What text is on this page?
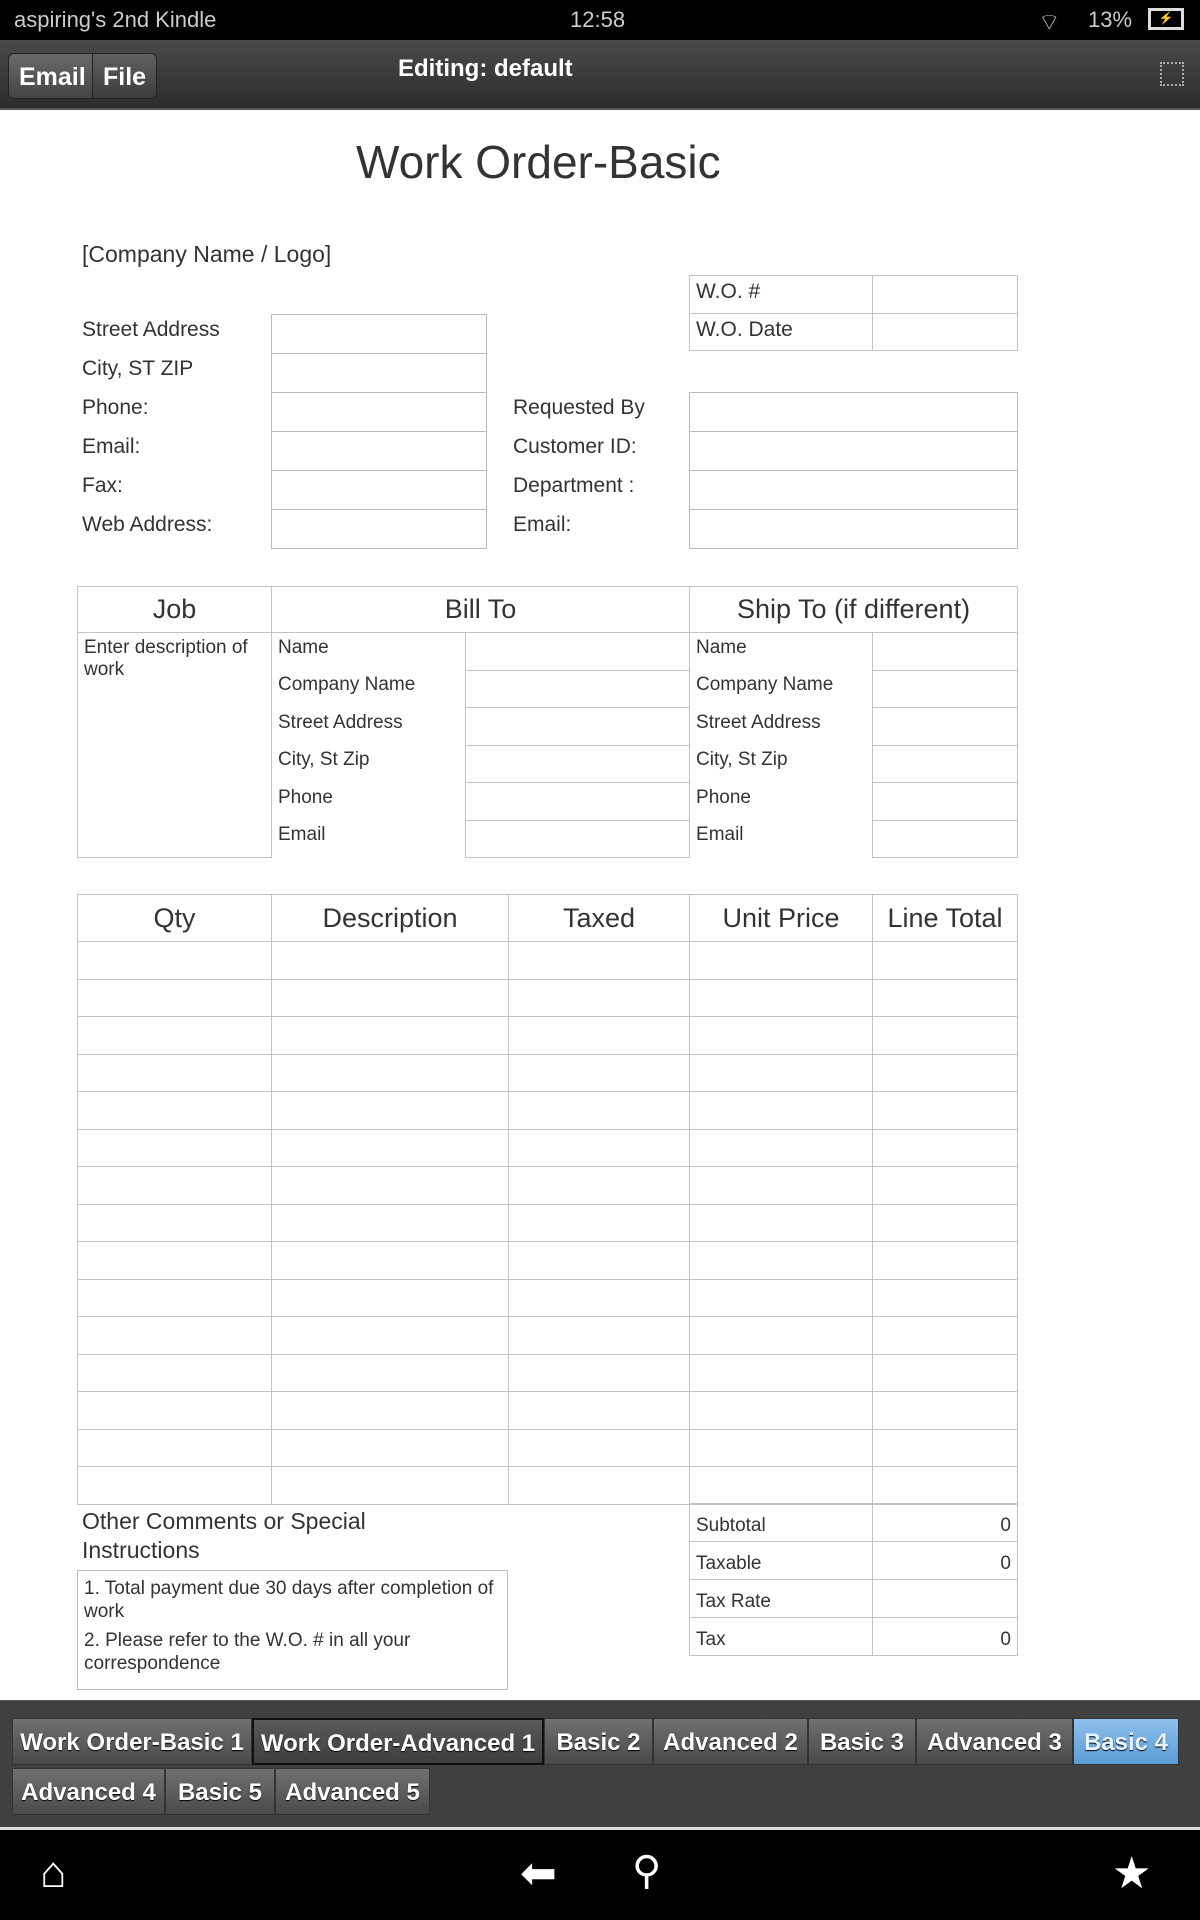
aspiring's 2nd Kindle	12:58	⌔ 13%	⚡
Work Order-Basic
[Company Name / Logo]
W.O. #	
W.O. Date	
Street Address
City, ST ZIP
Phone:
Email:
Fax:
Web Address:
Requested By
Customer ID:
Department :
Email:
Job	Bill To		Ship To (if different)	
Enter description of work	Name		Name	
	Company Name		Company Name	
	Street Address		Street Address	
	City, St Zip		City, St Zip	
	Phone		Phone	
	Email		Email	
Qty	Description	Taxed	Unit Price	Line Total

Other Comments or Special Instructions
1. Total payment due 30 days after completion of work
2. Please refer to the W.O. # in all your correspondence
Subtotal	0
Taxable	0
Tax Rate	
Tax	0
Email File	Editing: default
Work Order-Basic 1 Work Order-Advanced 1 Basic 2 Advanced 2 Basic 3 Advanced 3 Basic 4
Advanced 4 Basic 5 Advanced 5
⌂	⬅ ⚲	★
